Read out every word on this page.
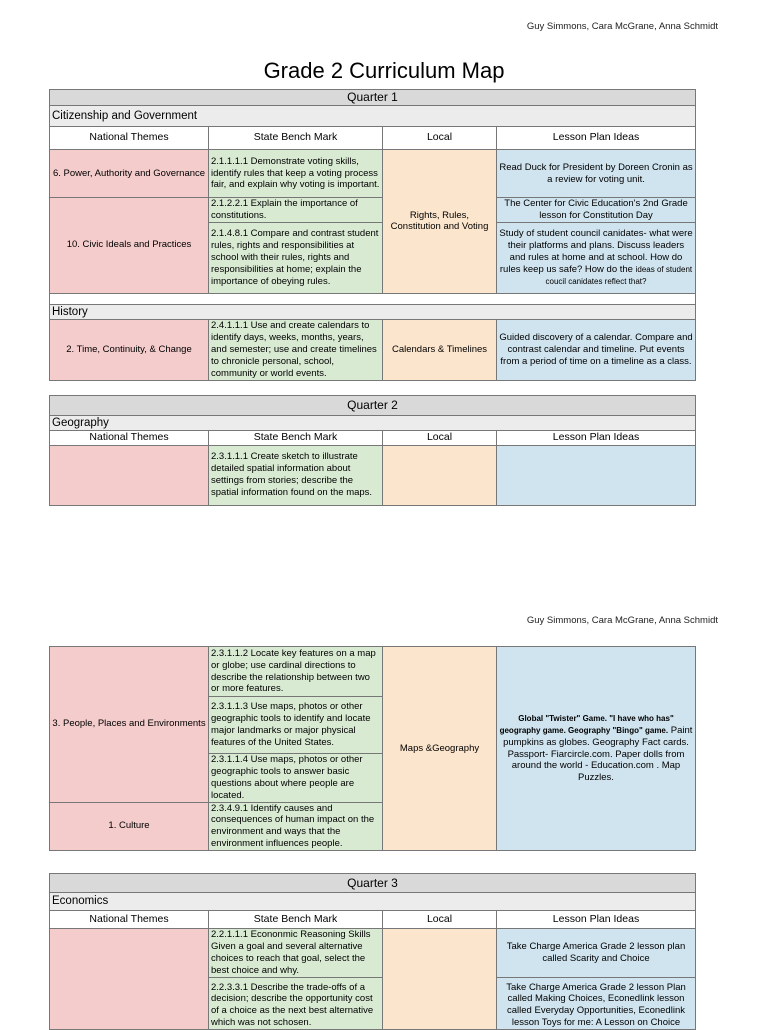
Guy Simmons, Cara McGrane, Anna Schmidt
Grade 2 Curriculum Map
Quarter 1			
Citizenship and Government			
National Themes	State Bench Mark	Local	Lesson Plan Ideas
6. Power, Authority and Governance	2.1.1.1.1 Demonstrate voting skills, identify rules that keep a voting process fair, and explain why voting is important.	Rights, Rules, Constitution and Voting	Read Duck for President by Doreen Cronin as a review for voting unit.
10. Civic Ideals and Practices	2.1.2.2.1 Explain the importance of constitutions.		The Center for Civic Education's 2nd Grade lesson for Constitution Day
	2.1.4.8.1 Compare and contrast student rules, rights and responsibilities at school with their rules, rights and responsibilities at home; explain the importance of obeying rules.		Study of student council canidates- what were their platforms and plans. Discuss leaders and rules at home and at school. How do rules keep us safe? How do the ideas of student coucil canidates reflect that?

History			
2. Time, Continuity, & Change	2.4.1.1.1 Use and create calendars to identify days, weeks, months, years, and semester; use and create timelines to chronicle personal, school, community or world events.	Calendars & Timelines	Guided discovery of a calendar. Compare and contrast calendar and timeline. Put events from a period of time on a timeline as a class.
Quarter 2			
Geography			
National Themes	State Bench Mark	Local	Lesson Plan Ideas
	2.3.1.1.1 Create sketch to illustrate detailed spatial information about settings from stories; describe the spatial information found on the maps.		
Guy Simmons, Cara McGrane, Anna Schmidt
3. People, Places and Environments	2.3.1.1.2 Locate key features on a map or globe; use cardinal directions to describe the relationship between two or more features.	Maps &Geography	Global "Twister" Game. "I have who has" geography game. Geography "Bingo" game. Paint pumpkins as globes. Geography Fact cards. Passport- Fiarcircle.com. Paper dolls from around the world - Education.com . Map Puzzles.
	2.3.1.1.3 Use maps, photos or other geographic tools to identify and locate major landmarks or major physical features of the United States.		
	2.3.1.1.4 Use maps, photos or other geographic tools to answer basic questions about where people are located.		
1. Culture	2.3.4.9.1 Identify causes and consequences of human impact on the environment and ways that the environment influences people.		
Quarter 3			
Economics			
National Themes	State Bench Mark	Local	Lesson Plan Ideas
	2.2.1.1.1 Econonmic Reasoning Skills Given a goal and several alternative choices to reach that goal, select the best choice and why.		Take Charge America Grade 2 lesson plan called Scarity and Choice
	2.2.3.3.1 Describe the trade-offs of a decision; describe the opportunity cost of a choice as the next best alternative which was not schosen.		Take Charge America Grade 2 lesson Plan called Making Choices, Econedlink lesson called Everyday Opportunities, Econedlink lesson Toys for me: A Lesson on Choice
